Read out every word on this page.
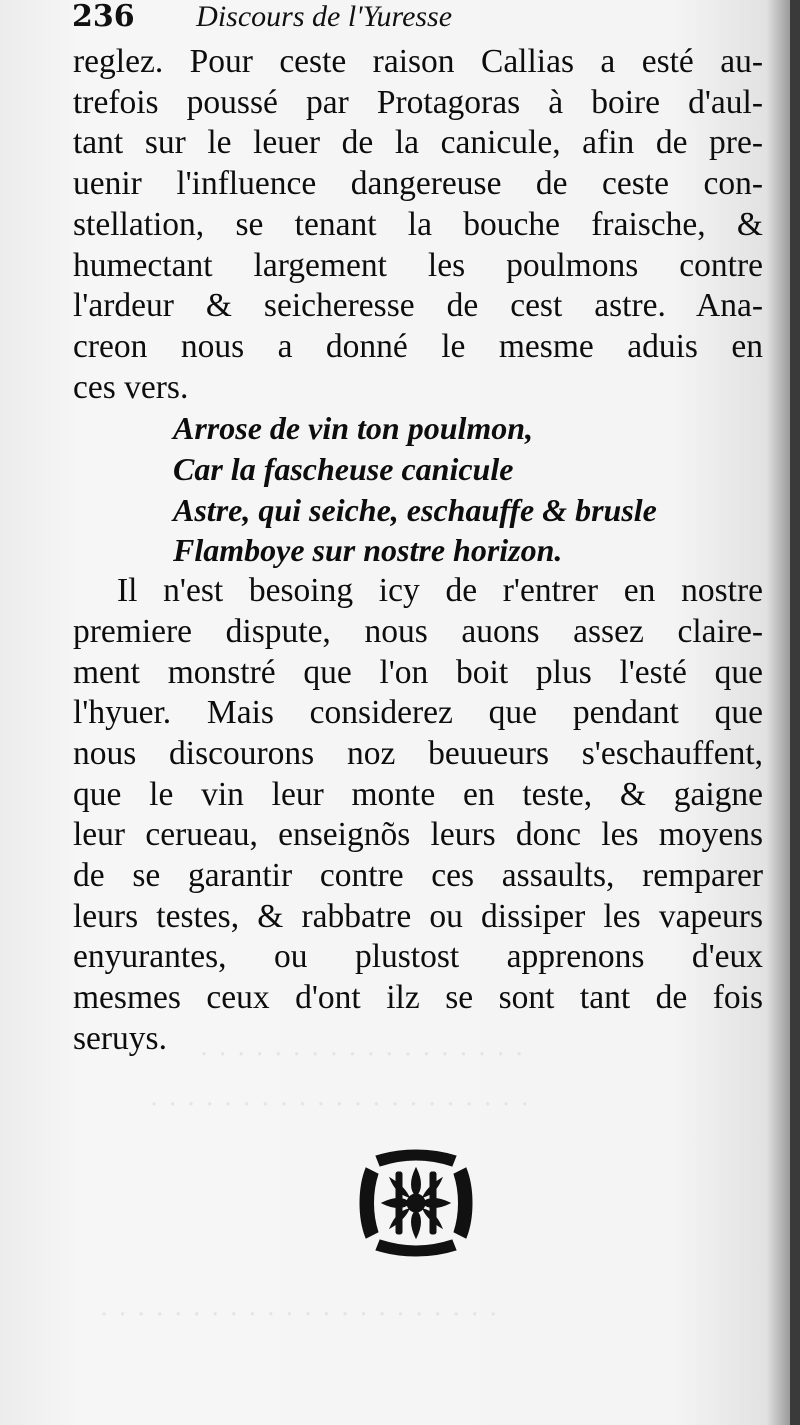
· · · · · · · · · · · · · · · · · ·
· · · · · · · · · · · · · · · · · · · · ·
· · · · · · · · · · · · · · · · · · · · · ·
236 Discours de l'Yuresse
reglez. Pour ceste raison Callias a esté au-
trefois poussé par Protagoras à boire d'aul-
tant sur le leuer de la canicule, afin de pre-
uenir l'influence dangereuse de ceste con-
stellation, se tenant la bouche fraische, &
humectant largement les poulmons contre
l'ardeur & seicheresse de cest astre. Ana-
creon nous a donné le mesme aduis en
ces vers.
Arrose de vin ton poulmon,
Car la fascheuse canicule
Astre, qui seiche, eschauffe & brusle
Flamboye sur nostre horizon.
Il n'est besoing icy de r'entrer en nostre
premiere dispute, nous auons assez claire-
ment monstré que l'on boit plus l'esté que
l'hyuer. Mais considerez que pendant que
nous discourons noz beuueurs s'eschauffent,
que le vin leur monte en teste, & gaigne
leur cerueau, enseignõs leurs donc les moyens
de se garantir contre ces assaults, remparer
leurs testes, & rabbatre ou dissiper les vapeurs
enyurantes, ou plustost apprenons d'eux
mesmes ceux d'ont ilz se sont tant de fois
seruys.
